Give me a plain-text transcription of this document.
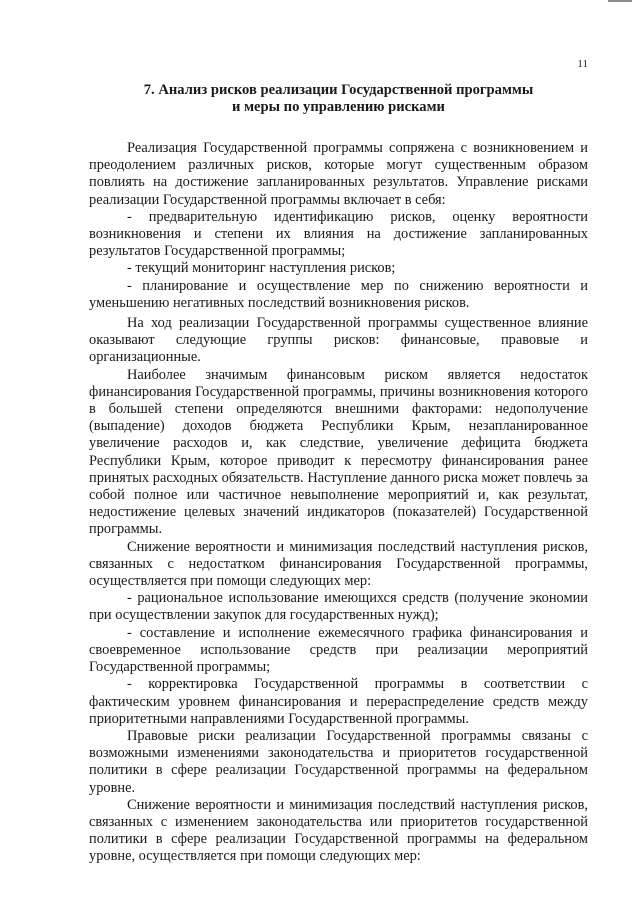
11
7. Анализ рисков реализации Государственной программы
и меры по управлению рисками

Реализация Государственной программы сопряжена с возникновением и преодолением различных рисков, которые могут существенным образом повлиять на достижение запланированных результатов. Управление рисками реализации Государственной программы включает в себя:

- предварительную идентификацию рисков, оценку вероятности возникновения и степени их влияния на достижение запланированных результатов Государственной программы;

- текущий мониторинг наступления рисков;

- планирование и осуществление мер по снижению вероятности и уменьшению негативных последствий возникновения рисков.

На ход реализации Государственной программы существенное влияние оказывают следующие группы рисков: финансовые, правовые и организационные.

Наиболее значимым финансовым риском является недостаток финансирования Государственной программы, причины возникновения которого в большей степени определяются внешними факторами: недополучение (выпадение) доходов бюджета Республики Крым, незапланированное увеличение расходов и, как следствие, увеличение дефицита бюджета Республики Крым, которое приводит к пересмотру финансирования ранее принятых расходных обязательств. Наступление данного риска может повлечь за собой полное или частичное невыполнение мероприятий и, как результат, недостижение целевых значений индикаторов (показателей) Государственной программы.

Снижение вероятности и минимизация последствий наступления рисков, связанных с недостатком финансирования Государственной программы, осуществляется при помощи следующих мер:

- рациональное использование имеющихся средств (получение экономии при осуществлении закупок для государственных нужд);

- составление и исполнение ежемесячного графика финансирования и своевременное использование средств при реализации мероприятий Государственной программы;

- корректировка Государственной программы в соответствии с фактическим уровнем финансирования и перераспределение средств между приоритетными направлениями Государственной программы.

Правовые риски реализации Государственной программы связаны с возможными изменениями законодательства и приоритетов государственной политики в сфере реализации Государственной программы на федеральном уровне.

Снижение вероятности и минимизация последствий наступления рисков, связанных с изменением законодательства или приоритетов государственной политики в сфере реализации Государственной программы на федеральном уровне, осуществляется при помощи следующих мер:
